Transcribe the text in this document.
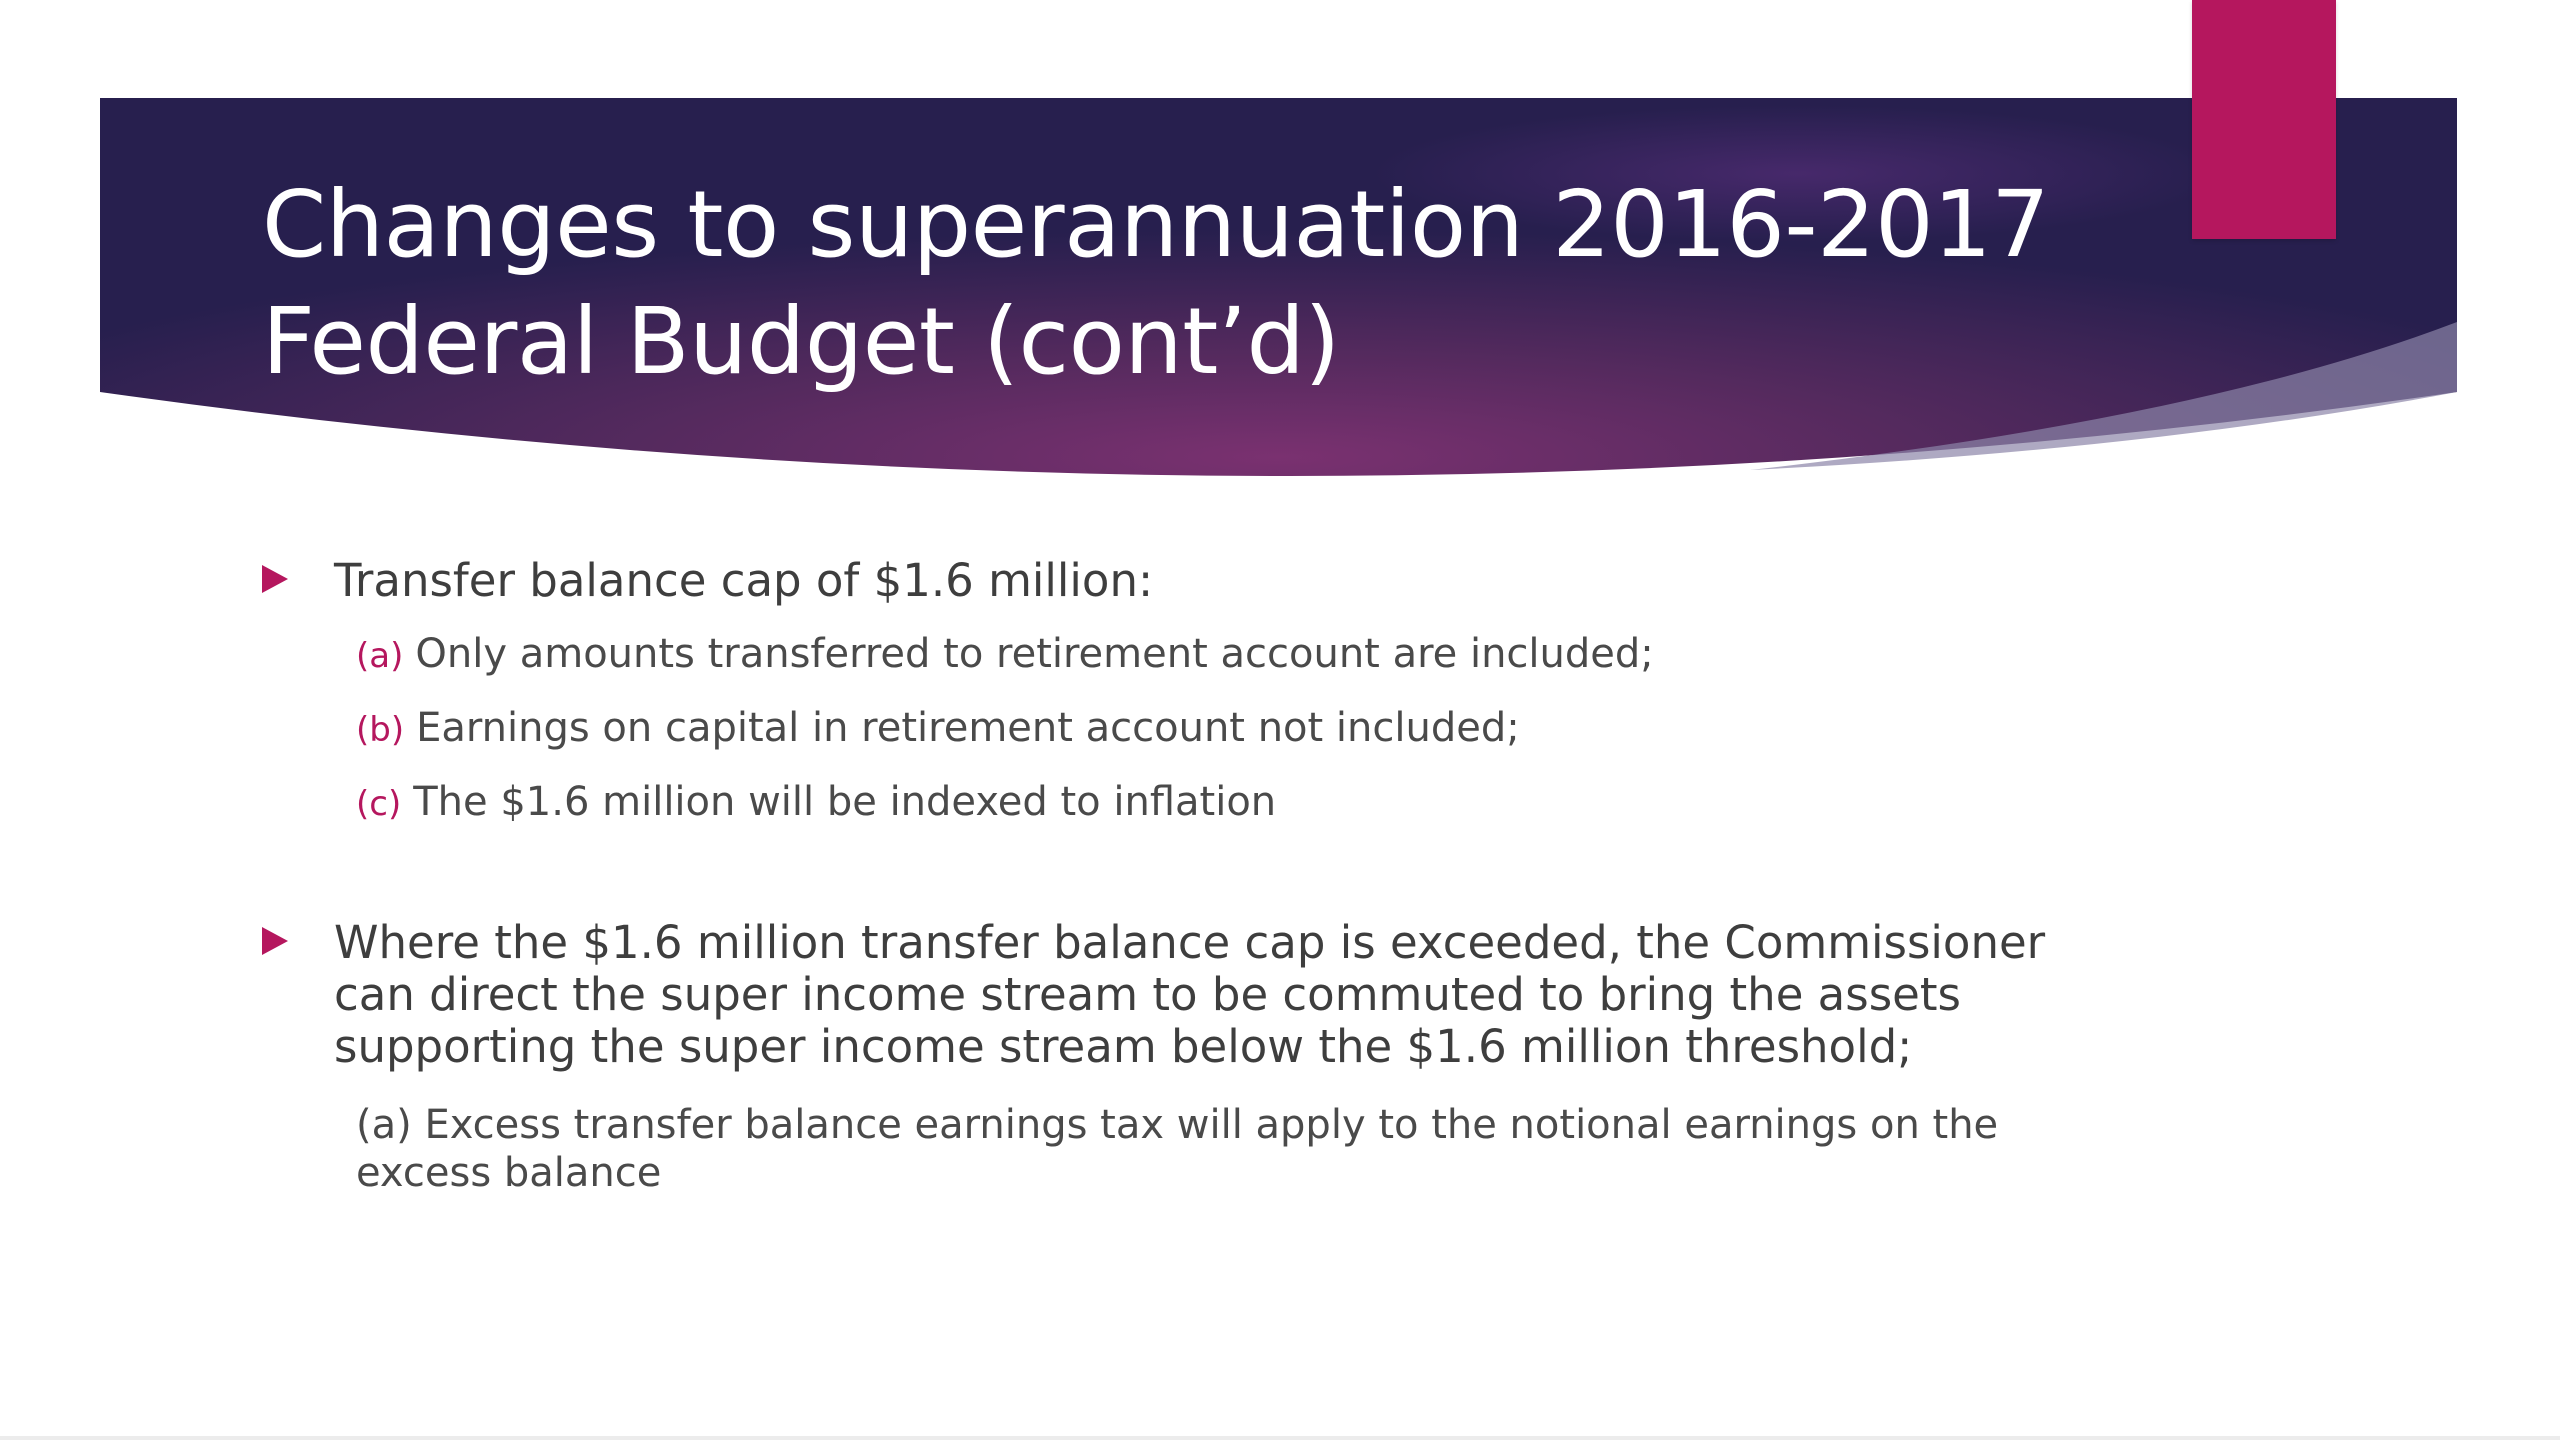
Changes to superannuation 2016-2017
Federal Budget (cont’d)
Transfer balance cap of $1.6 million:
(a) Only amounts transferred to retirement account are included;
(b) Earnings on capital in retirement account not included;
(c) The $1.6 million will be indexed to inflation
Where the $1.6 million transfer balance cap is exceeded, the Commissioner can direct the super income stream to be commuted to bring the assets supporting the super income stream below the $1.6 million threshold;
(a) Excess transfer balance earnings tax will apply to the notional earnings on the excess balance
